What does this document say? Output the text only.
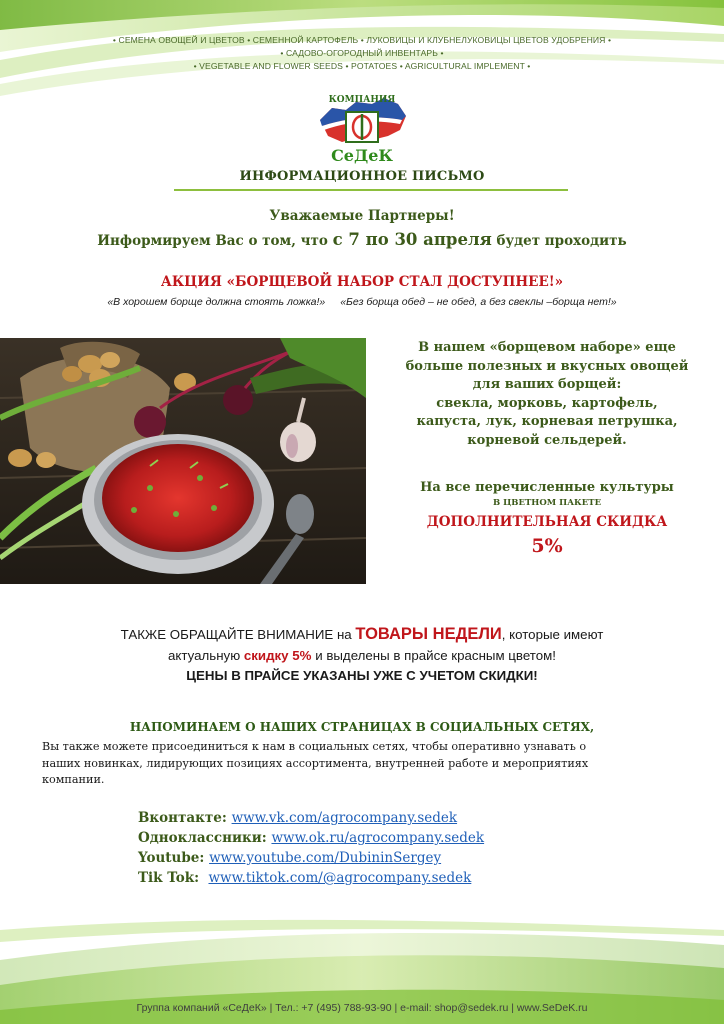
• СЕМЕНА ОВОЩЕЙ И ЦВЕТОВ • СЕМЕННОЙ КАРТОФЕЛЬ • ЛУКОВИЦЫ И КЛУБНЕЛУКОВИЦЫ ЦВЕТОВ УДОБРЕНИЯ •
• САДОВО-ОГОРОДНЫЙ ИНВЕНТАРЬ •
• VEGETABLE AND FLOWER SEEDS • POTATOES • AGRICULTURAL IMPLEMENT •
КОМПАНИЯ
СеДеК
ИНФОРМАЦИОННОЕ ПИСЬМО
Уважаемые Партнеры!
Информируем Вас о том, что с 7 по 30 апреля будет проходить
АКЦИЯ «БОРЩЕВОЙ НАБОР СТАЛ ДОСТУПНЕЕ!»
«В хорошем борще должна стоять ложка!» «Без борща обед – не обед, а без свеклы –борща нет!»
В нашем «борщевом наборе» еще
больше полезных и вкусных овощей
для ваших борщей:
свекла, морковь, картофель,
капуста, лук, корневая петрушка,
корневой сельдерей.
На все перечисленные культуры
В ЦВЕТНОМ ПАКЕТЕ
ДОПОЛНИТЕЛЬНАЯ СКИДКА
5%
ТАКЖЕ ОБРАЩАЙТЕ ВНИМАНИЕ на ТОВАРЫ НЕДЕЛИ, которые имеют
актуальную скидку 5% и выделены в прайсе красным цветом!
ЦЕНЫ В ПРАЙСЕ УКАЗАНЫ УЖЕ С УЧЕТОМ СКИДКИ!
НАПОМИНАЕМ О НАШИХ СТРАНИЦАХ В СОЦИАЛЬНЫХ СЕТЯХ,
Вы также можете присоединиться к нам в социальных сетях, чтобы оперативно узнавать о
наших новинках, лидирующих позициях ассортимента, внутренней работе и мероприятиях
компании.
Вконтакте: www.vk.com/agrocompany.sedek
Одноклассники: www.ok.ru/agrocompany.sedek
Youtube: www.youtube.com/DubininSergey
Tik Tok: www.tiktok.com/@agrocompany.sedek
Группа компаний «СеДеК» | Тел.: +7 (495) 788-93-90 | e-mail: shop@sedek.ru | www.SeDeK.ru
